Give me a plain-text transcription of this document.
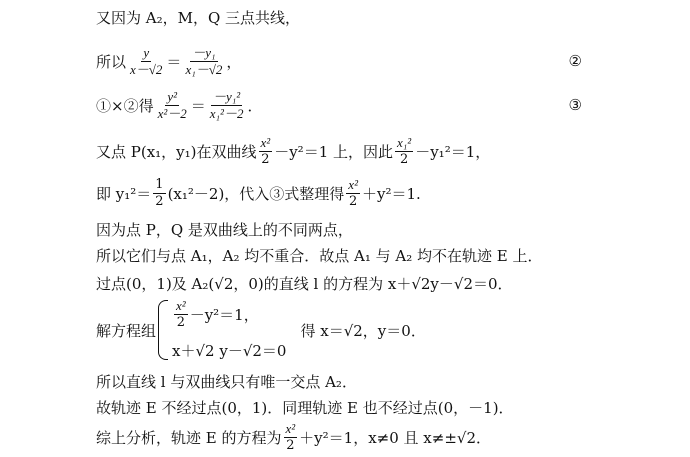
又因为 A₂，M，Q 三点共线，
所以 $\frac{y}{x-√2} = \frac{\text{－y₁}}{\text{x₁－√2}}$ ，	②
①×②得 $\frac{\text{y²}}{\text{x²－2}} = \frac{\text{－y₁²}}{\text{x₁²－2}}$ ．	③
又点 P(x₁，y₁)在双曲线 $\frac{\text{x²}}{2} -y^2=1$ 上，因此 $\frac{\text{x₁²}}{2} -y_1^2=1$，
即 $y_1^2= \frac{1}{2} (x_1^2-2)$，代入③式整理得 $\frac{\text{x²}}{2} +y^2=1$.
因为点 P，Q 是双曲线上的不同两点，
所以它们与点 A₁，A₂ 均不重合．故点 A₁ 与 A₂ 均不在轨迹 E 上．
过点(0，1)及 A₂(√2，0)的直线 l 的方程为 x＋√2y－√2＝0．
解方程组
$\frac{\text{x²}}{2} -y^2=1$，
x＋√2 y－√2＝0
得 x＝√2，y＝0．
所以直线 l 与双曲线只有唯一交点 A₂．
故轨迹 E 不经过点(0，1)．同理轨迹 E 也不经过点(0，－1)．
综上分析，轨迹 E 的方程为 $\frac{\text{x²}}{2} +y^2=1$，x≠0 且 x≠±√2．
